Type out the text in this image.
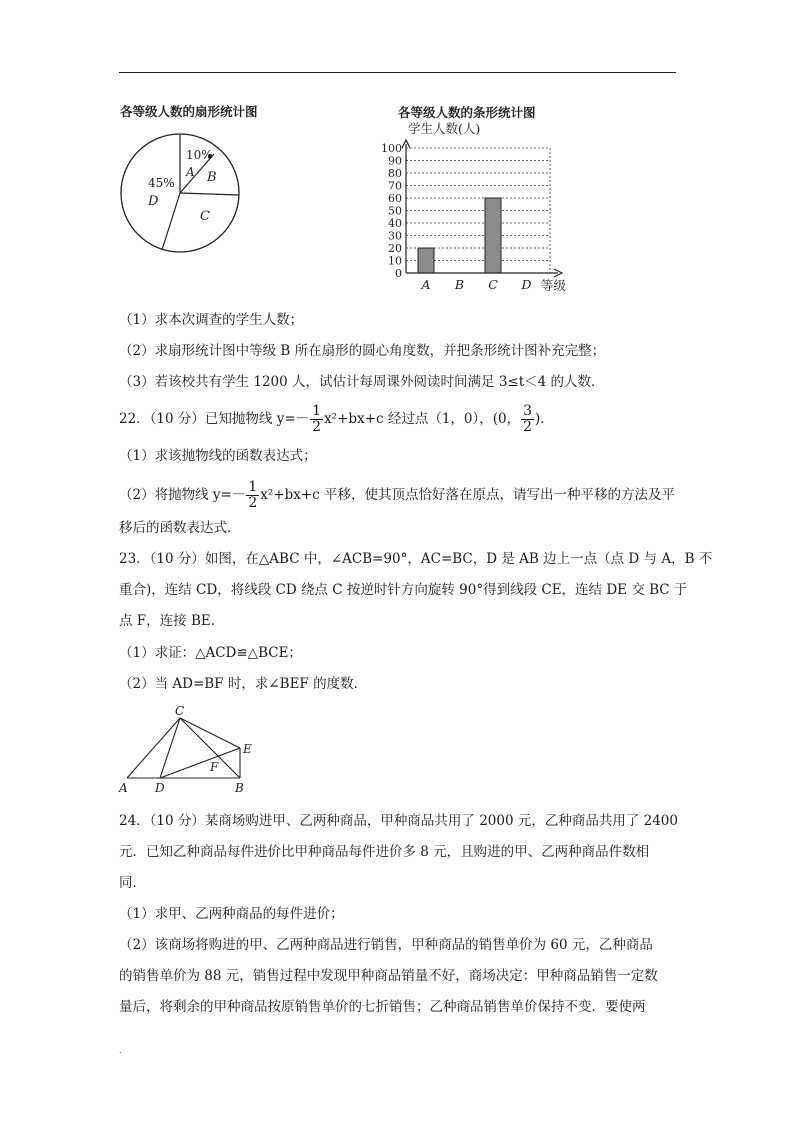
各等级人数的扇形统计图
10%
A B
C
45%
D
各等级人数的条形统计图
学生人数(人)
0
10
20
30
40
50
60
70
80
90
100
A B C D 等级
（1）求本次调查的学生人数；
（2）求扇形统计图中等级 B 所在扇形的圆心角度数，并把条形统计图补充完整；
（3）若该校共有学生 1200 人，试估计每周课外阅读时间满足 3≤t＜4 的人数．
22．（10 分）已知抛物线 $y=- \frac{1}{2} x^2+bx+c$ 经过点（1，0），(0， $\frac{3}{2}$ )．
（1）求该抛物线的函数表达式；
（2）将抛物线 $y=- \frac{1}{2} x^2+bx+c$ 平移，使其顶点恰好落在原点，请写出一种平移的方法及平
移后的函数表达式．
23．（10 分）如图，在△ABC 中，∠ACB=90°，AC=BC，D 是 AB 边上一点（点 D 与 A，B 不
重合)，连结 CD，将线段 CD 绕点 C 按逆时针方向旋转 90°得到线段 CE，连结 DE 交 BC 于
点 F，连接 BE．
（1）求证：△ACD≌△BCE；
（2）当 AD=BF 时，求∠BEF 的度数．
C
E
F
A D	B
24．（10 分）某商场购进甲、乙两种商品，甲种商品共用了 2000 元，乙种商品共用了 2400
元．已知乙种商品每件进价比甲种商品每件进价多 8 元，且购进的甲、乙两种商品件数相
同．
（1）求甲、乙两种商品的每件进价；
（2）该商场将购进的甲、乙两种商品进行销售，甲种商品的销售单价为 60 元，乙种商品
的销售单价为 88 元，销售过程中发现甲种商品销量不好，商场决定：甲种商品销售一定数
量后，将剩余的甲种商品按原销售单价的七折销售；乙种商品销售单价保持不变．要使两
.
